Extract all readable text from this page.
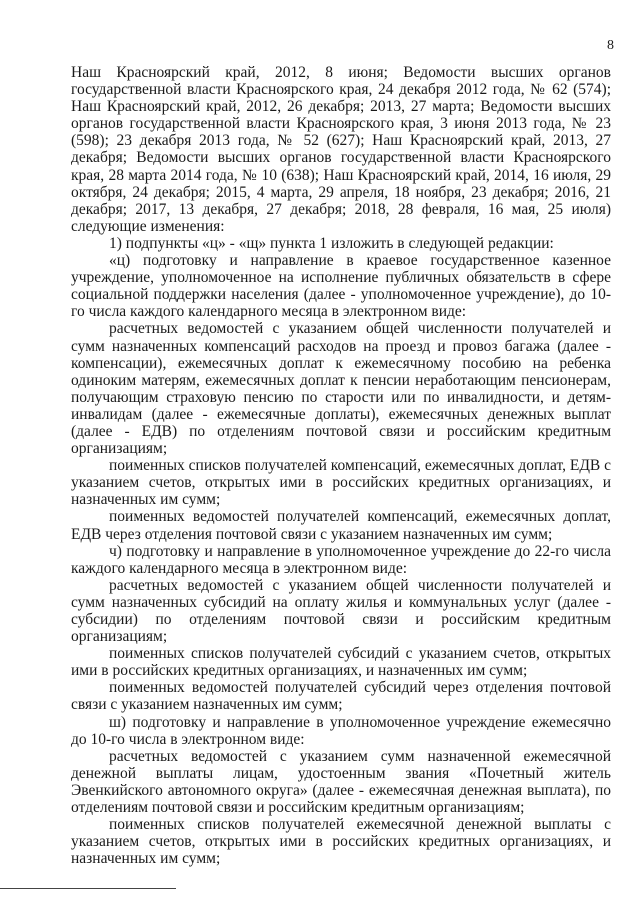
8

Наш Красноярский край, 2012, 8 июня; Ведомости высших органов государственной власти Красноярского края, 24 декабря 2012 года, № 62 (574); Наш Красноярский край, 2012, 26 декабря; 2013, 27 марта; Ведомости высших органов государственной власти Красноярского края, 3 июня 2013 года, № 23 (598); 23 декабря 2013 года, № 52 (627); Наш Красноярский край, 2013, 27 декабря; Ведомости высших органов государственной власти Красноярского края, 28 марта 2014 года, № 10 (638); Наш Красноярский край, 2014, 16 июля, 29 октября, 24 декабря; 2015, 4 марта, 29 апреля, 18 ноября, 23 декабря; 2016, 21 декабря; 2017, 13 декабря, 27 декабря; 2018, 28 февраля, 16 мая, 25 июля) следующие изменения:

1) подпункты «ц» - «щ» пункта 1 изложить в следующей редакции:

«ц) подготовку и направление в краевое государственное казенное учреждение, уполномоченное на исполнение публичных обязательств в сфере социальной поддержки населения (далее - уполномоченное учреждение), до 10-го числа каждого календарного месяца в электронном виде:

расчетных ведомостей с указанием общей численности получателей и сумм назначенных компенсаций расходов на проезд и провоз багажа (далее - компенсации), ежемесячных доплат к ежемесячному пособию на ребенка одиноким матерям, ежемесячных доплат к пенсии неработающим пенсионерам, получающим страховую пенсию по старости или по инвалидности, и детям-инвалидам (далее - ежемесячные доплаты), ежемесячных денежных выплат (далее - ЕДВ) по отделениям почтовой связи и российским кредитным организациям;

поименных списков получателей компенсаций, ежемесячных доплат, ЕДВ с указанием счетов, открытых ими в российских кредитных организациях, и назначенных им сумм;

поименных ведомостей получателей компенсаций, ежемесячных доплат, ЕДВ через отделения почтовой связи с указанием назначенных им сумм;

ч) подготовку и направление в уполномоченное учреждение до 22-го числа каждого календарного месяца в электронном виде:

расчетных ведомостей с указанием общей численности получателей и сумм назначенных субсидий на оплату жилья и коммунальных услуг (далее - субсидии) по отделениям почтовой связи и российским кредитным организациям;

поименных списков получателей субсидий с указанием счетов, открытых ими в российских кредитных организациях, и назначенных им сумм;

поименных ведомостей получателей субсидий через отделения почтовой связи с указанием назначенных им сумм;

ш) подготовку и направление в уполномоченное учреждение ежемесячно до 10-го числа в электронном виде:

расчетных ведомостей с указанием сумм назначенной ежемесячной денежной выплаты лицам, удостоенным звания «Почетный житель Эвенкийского автономного округа» (далее - ежемесячная денежная выплата), по отделениям почтовой связи и российским кредитным организациям;

поименных списков получателей ежемесячной денежной выплаты с указанием счетов, открытых ими в российских кредитных организациях, и назначенных им сумм;
